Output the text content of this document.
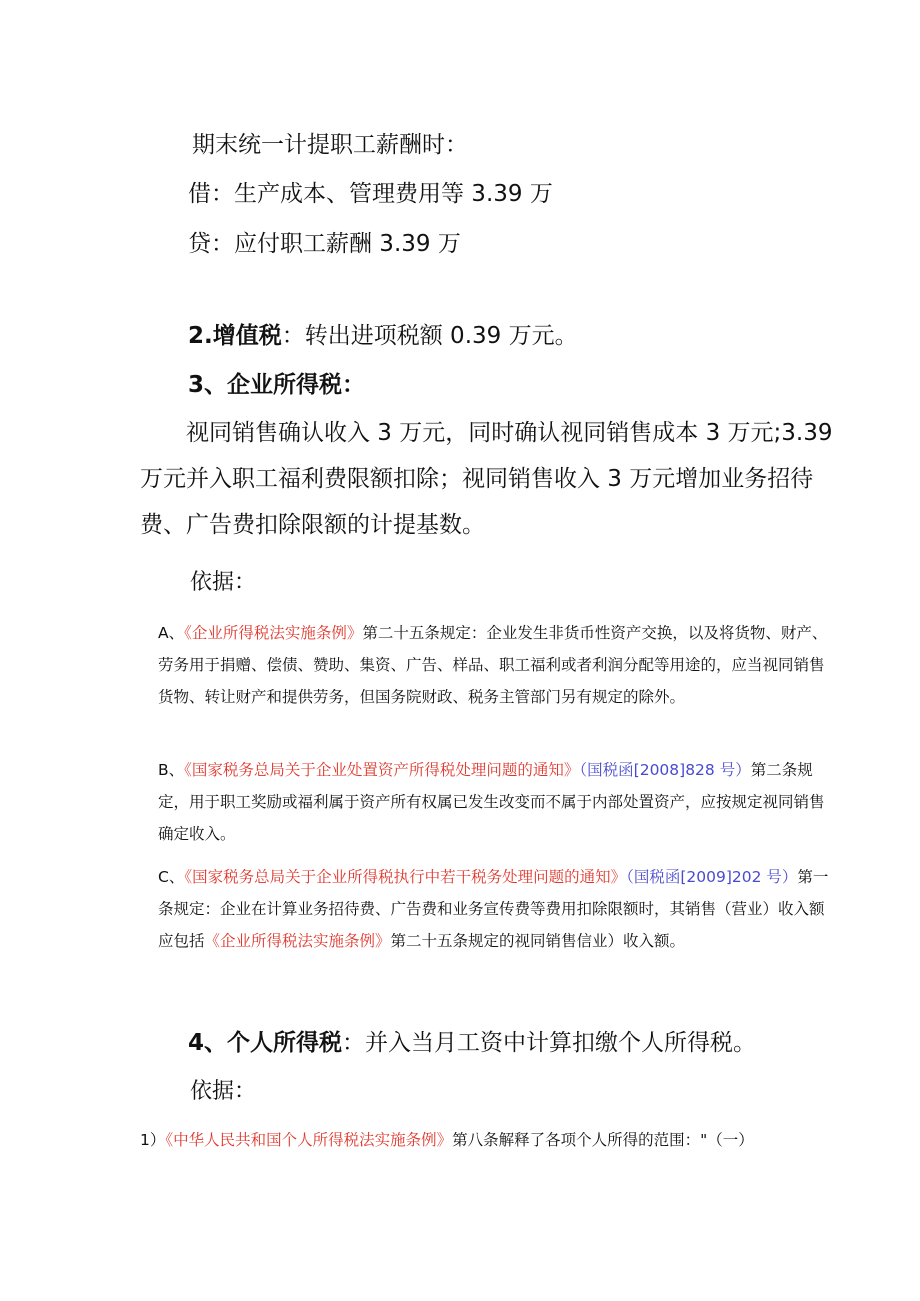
期末统一计提职工薪酬时：
借：生产成本、管理费用等 3.39 万
贷：应付职工薪酬 3.39 万
2.增值税：转出进项税额 0.39 万元。
3、企业所得税：
　　视同销售确认收入 3 万元，同时确认视同销售成本 3 万元;3.39 万元并入职工福利费限额扣除；视同销售收入 3 万元增加业务招待费、广告费扣除限额的计提基数。
依据：
A、《企业所得税法实施条例》第二十五条规定：企业发生非货币性资产交换，以及将货物、财产、劳务用于捐赠、偿债、赞助、集资、广告、样品、职工福利或者利润分配等用途的，应当视同销售货物、转让财产和提供劳务，但国务院财政、税务主管部门另有规定的除外。
B、《国家税务总局关于企业处置资产所得税处理问题的通知》（国税函[2008]828 号）第二条规定，用于职工奖励或福利属于资产所有权属已发生改变而不属于内部处置资产，应按规定视同销售确定收入。
C、《国家税务总局关于企业所得税执行中若干税务处理问题的通知》（国税函[2009]202 号）第一条规定：企业在计算业务招待费、广告费和业务宣传费等费用扣除限额时，其销售（营业）收入额应包括《企业所得税法实施条例》第二十五条规定的视同销售信业）收入额。
4、个人所得税：并入当月工资中计算扣缴个人所得税。
依据：
1）《中华人民共和国个人所得税法实施条例》第八条解释了各项个人所得的范围："（一）
